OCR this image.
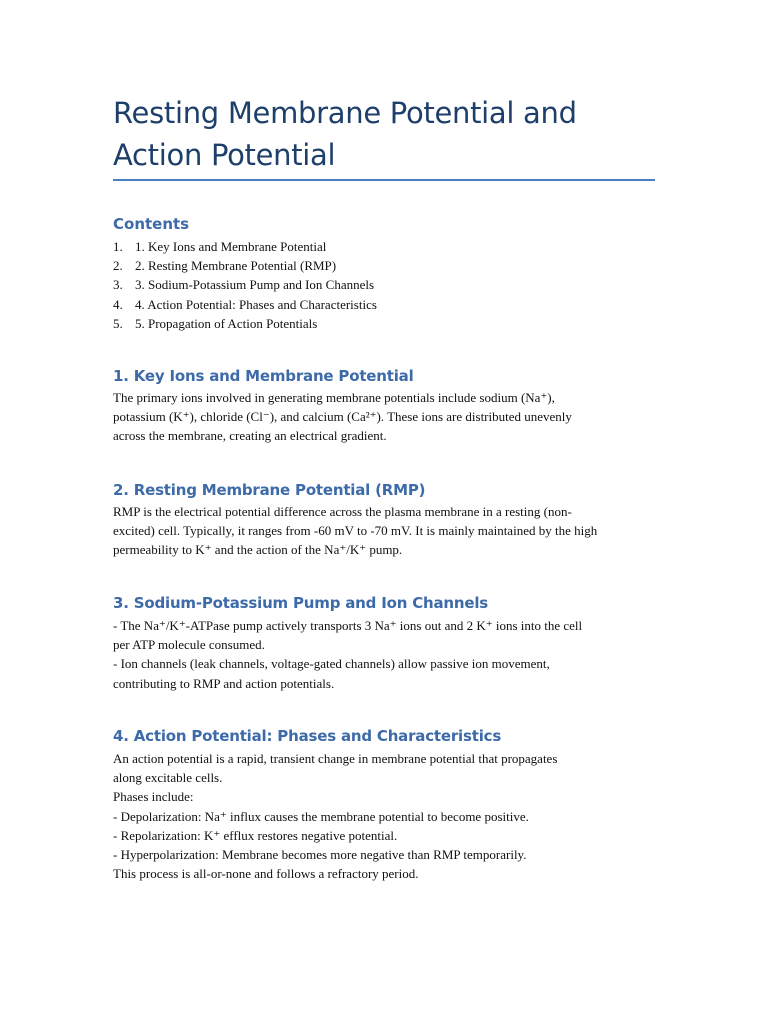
Resting Membrane Potential and Action Potential
Contents
1. 1. Key Ions and Membrane Potential
2. 2. Resting Membrane Potential (RMP)
3. 3. Sodium-Potassium Pump and Ion Channels
4. 4. Action Potential: Phases and Characteristics
5. 5. Propagation of Action Potentials
1. Key Ions and Membrane Potential
The primary ions involved in generating membrane potentials include sodium (Na⁺),
potassium (K⁺), chloride (Cl⁻), and calcium (Ca²⁺). These ions are distributed unevenly
across the membrane, creating an electrical gradient.
2. Resting Membrane Potential (RMP)
RMP is the electrical potential difference across the plasma membrane in a resting (non-
excited) cell. Typically, it ranges from -60 mV to -70 mV. It is mainly maintained by the high
permeability to K⁺ and the action of the Na⁺/K⁺ pump.
3. Sodium-Potassium Pump and Ion Channels
- The Na⁺/K⁺-ATPase pump actively transports 3 Na⁺ ions out and 2 K⁺ ions into the cell
per ATP molecule consumed.
- Ion channels (leak channels, voltage-gated channels) allow passive ion movement,
contributing to RMP and action potentials.
4. Action Potential: Phases and Characteristics
An action potential is a rapid, transient change in membrane potential that propagates
along excitable cells.
Phases include:
- Depolarization: Na⁺ influx causes the membrane potential to become positive.
- Repolarization: K⁺ efflux restores negative potential.
- Hyperpolarization: Membrane becomes more negative than RMP temporarily.
This process is all-or-none and follows a refractory period.
